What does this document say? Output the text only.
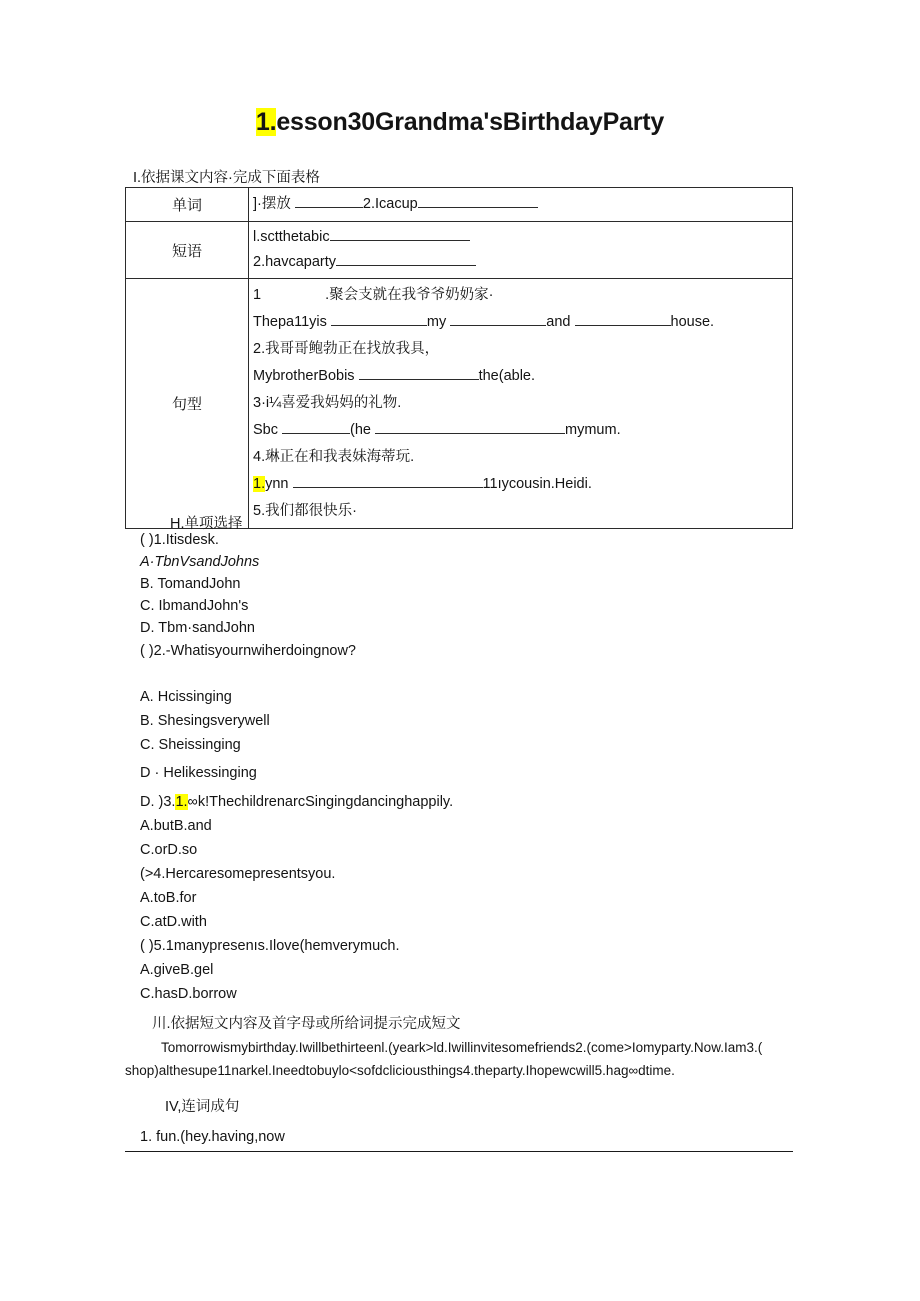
1.esson30Grandma'sBirthdayParty
I.依据课文内容·完成下面表格
单词	]·摆放 2.Icacup

短语	l.sctthetabic
2.havcaparty

句型	
1	.聚会支就在我爷爷奶奶家·
Thepa11yis	my	and	house.
2.我哥哥鲍勃正在找放我具，
MybrotherBobis	the(able.
3·i¼喜爱我妈妈的礼物.
Sbc	(he	mymum.
4.琳正在和我表妹海蒂玩.
1.ynn	11ıycousin.Heidi.
5.我们都很快乐·
H.单项选择
( )1.Itisdesk.
A·TbnVsandJohns
B. TomandJohn
C. IbmandJohn's
D. Tbm·sandJohn
( )2.-Whatisyournwiherdoingnow?
A. Hcissinging
B. Shesingsverywell
C. Sheissinging
D · Helikessinging
D. )3.1.∞k!ThechildrenarcSingingdancinghappily.
A.butB.and
C.orD.so
(>4.Hercaresomepresentsyou.
A.toB.for
C.atD.with
( )5.1manypresenıs.Ilove(hemverymuch.
A.giveB.gel
C.hasD.borrow
川.依据短文内容及首字母或所给词提示完成短文
Tomorrowismybirthday.Iwillbethirteenl.(yeark>ld.Iwillinvitesomefriends2.(come>Iomyparty.Now.Iam3.(
shop)althesupe11narkel.Ineedtobuylo<sofdcliciousthings4.theparty.Ihopewcwill5.hag∞dtime.
IV,连词成句
1. fun.(hey.having,now
